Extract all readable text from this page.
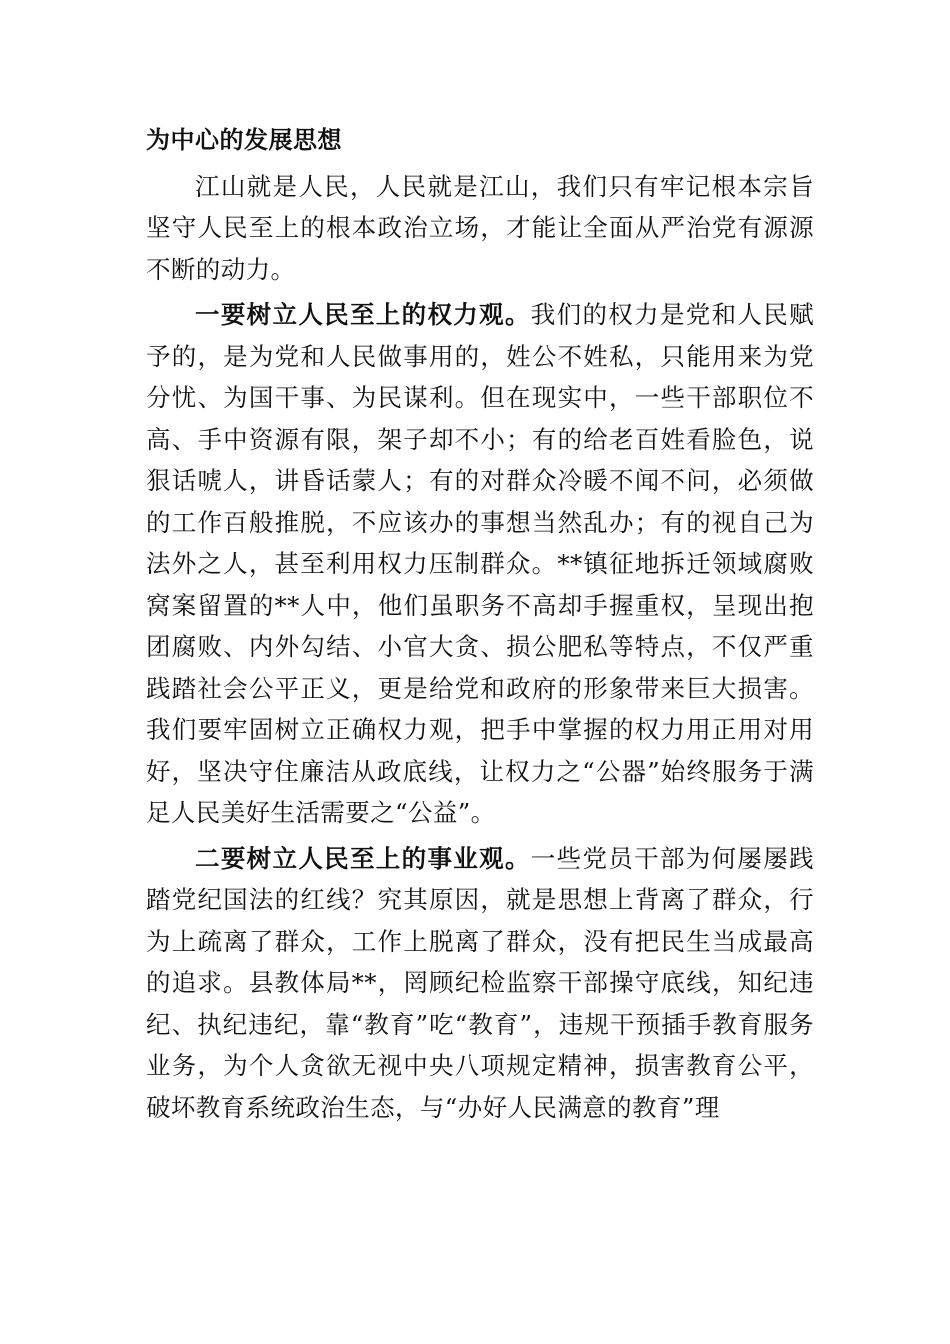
为中心的发展思想

江山就是人民，人民就是江山，我们只有牢记根本宗旨坚守人民至上的根本政治立场，才能让全面从严治党有源源不断的动力。

一要树立人民至上的权力观。我们的权力是党和人民赋予的，是为党和人民做事用的，姓公不姓私，只能用来为党分忧、为国干事、为民谋利。但在现实中，一些干部职位不高、手中资源有限，架子却不小；有的给老百姓看脸色，说狠话唬人，讲昏话蒙人；有的对群众冷暖不闻不问，必须做的工作百般推脱，不应该办的事想当然乱办；有的视自己为法外之人，甚至利用权力压制群众。**镇征地拆迁领域腐败窝案留置的**人中，他们虽职务不高却手握重权，呈现出抱团腐败、内外勾结、小官大贪、损公肥私等特点，不仅严重践踏社会公平正义，更是给党和政府的形象带来巨大损害。我们要牢固树立正确权力观，把手中掌握的权力用正用对用好，坚决守住廉洁从政底线，让权力之“公器”始终服务于满足人民美好生活需要之“公益”。

二要树立人民至上的事业观。一些党员干部为何屡屡践踏党纪国法的红线？究其原因，就是思想上背离了群众，行为上疏离了群众，工作上脱离了群众，没有把民生当成最高的追求。县教体局**，罔顾纪检监察干部操守底线，知纪违纪、执纪违纪，靠“教育”吃“教育”，违规干预插手教育服务业务，为个人贪欲无视中央八项规定精神，损害教育公平，破坏教育系统政治生态，与“办好人民满意的教育”理
